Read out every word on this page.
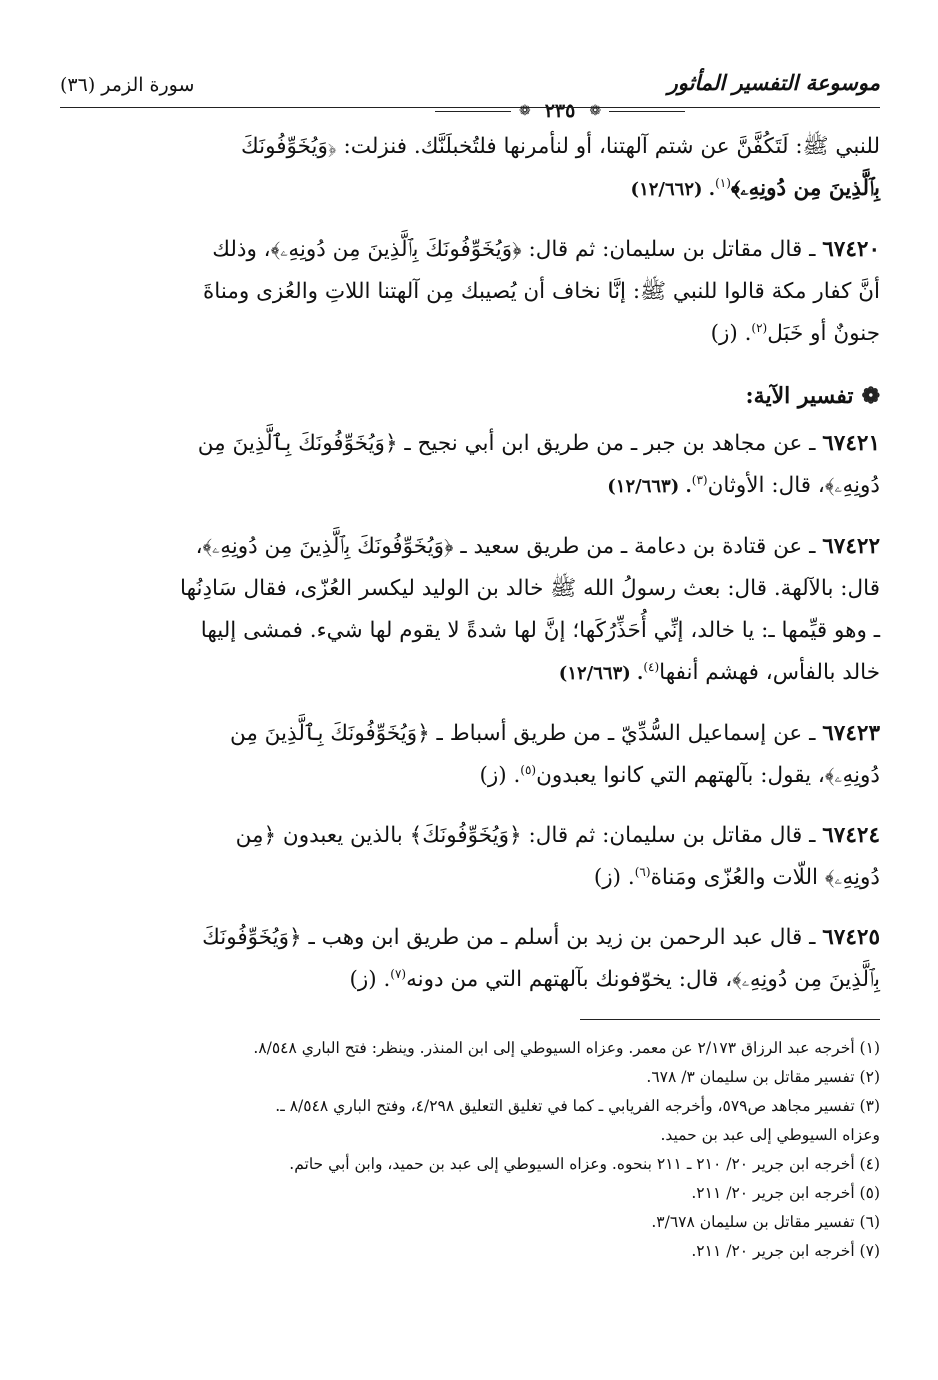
موسوعة التفسير المأثور
❁
٢٣٥
❁
سورة الزمر (٣٦)

للنبي ﷺ: لَتَكُفَّنَّ عن شتم آلهتنا، أو لنأمرنها فلتُخبلَنَّك. فنزلت: ﴿وَيُخَوِّفُونَكَ
بِٱلَّذِينَ مِن دُونِهِۦ﴾$^{(١)}$. (١٢/٦٦٢)

٦٧٤٢٠ ـ قال مقاتل بن سليمان: ثم قال: ﴿وَيُخَوِّفُونَكَ بِٱلَّذِينَ مِن دُونِهِۦ﴾، وذلك
أنَّ كفار مكة قالوا للنبي ﷺ: إنَّا نخاف أن يُصيبك مِن آلهتنا اللاتِ والعُزى ومناةَ
جنونٌ أو خَبَل$^{(٢)}$. (ز)

❁
تفسير الآية:

٦٧٤٢١ ـ عن مجاهد بن جبر ـ من طريق ابن أبي نجيح ـ ﴿وَيُخَوِّفُونَكَ بِٱلَّذِينَ مِن
دُونِهِۦ﴾، قال: الأوثان$^{(٣)}$. (١٢/٦٦٣)

٦٧٤٢٢ ـ عن قتادة بن دعامة ـ من طريق سعيد ـ ﴿وَيُخَوِّفُونَكَ بِٱلَّذِينَ مِن دُونِهِۦ﴾،
قال: بالآلهة. قال: بعث رسولُ الله ﷺ خالد بن الوليد ليكسر العُزّى، فقال سَادِنُها
ـ وهو قيِّمها ـ: يا خالد، إنِّي أُحَذِّرُكَها؛ إنَّ لها شدةً لا يقوم لها شيء. فمشى إليها
خالد بالفأس، فهشم أنفها$^{(٤)}$. (١٢/٦٦٣)

٦٧٤٢٣ ـ عن إسماعيل السُّدِّيّ ـ من طريق أسباط ـ ﴿وَيُخَوِّفُونَكَ بِٱلَّذِينَ مِن
دُونِهِۦ﴾، يقول: بآلهتهم التي كانوا يعبدون$^{(٥)}$. (ز)

٦٧٤٢٤ ـ قال مقاتل بن سليمان: ثم قال: ﴿وَيُخَوِّفُونَكَ﴾ بالذين يعبدون ﴿مِن
دُونِهِۦ﴾ اللّات والعُزّى ومَناة$^{(٦)}$. (ز)

٦٧٤٢٥ ـ قال عبد الرحمن بن زيد بن أسلم ـ من طريق ابن وهب ـ ﴿وَيُخَوِّفُونَكَ
بِٱلَّذِينَ مِن دُونِهِۦ﴾، قال: يخوّفونك بآلهتهم التي من دونه$^{(٧)}$. (ز)

(١) أخرجه عبد الرزاق ٢/١٧٣ عن معمر. وعزاه السيوطي إلى ابن المنذر. وينظر: فتح الباري ٨/٥٤٨.
(٢) تفسير مقاتل بن سليمان ٣/ ٦٧٨.
(٣) تفسير مجاهد ص٥٧٩، وأخرجه الفريابي ـ كما في تغليق التعليق ٤/٢٩٨، وفتح الباري ٨/٥٤٨ ـ.
وعزاه السيوطي إلى عبد بن حميد.
(٤) أخرجه ابن جرير ٢٠/ ٢١٠ ـ ٢١١ بنحوه. وعزاه السيوطي إلى عبد بن حميد، وابن أبي حاتم.
(٥) أخرجه ابن جرير ٢٠/ ٢١١.
(٦) تفسير مقاتل بن سليمان ٣/٦٧٨.
(٧) أخرجه ابن جرير ٢٠/ ٢١١.
